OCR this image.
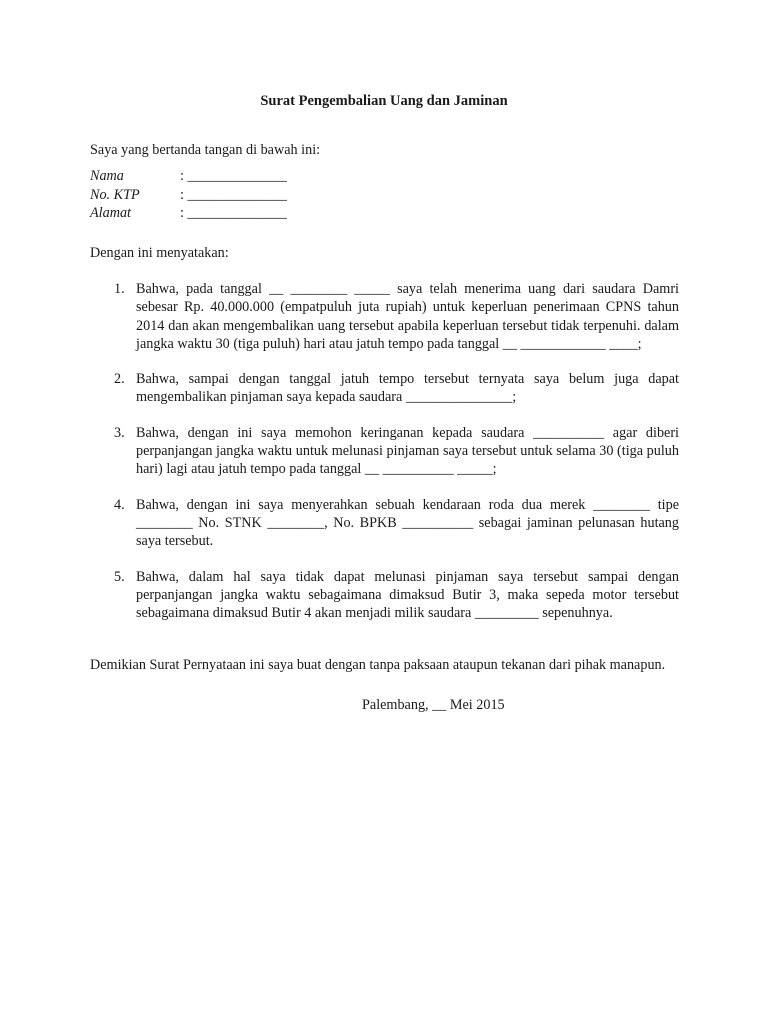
Surat Pengembalian Uang dan Jaminan
Saya yang bertanda tangan di bawah ini:
Nama	: ______________
No. KTP	: ______________
Alamat	: ______________
Dengan ini menyatakan:
1. Bahwa, pada tanggal __ ________ _____ saya telah menerima uang dari saudara Damri sebesar Rp. 40.000.000 (empatpuluh juta rupiah) untuk keperluan penerimaan CPNS tahun 2014 dan akan mengembalikan uang tersebut apabila keperluan tersebut tidak terpenuhi. dalam jangka waktu 30 (tiga puluh) hari atau jatuh tempo pada tanggal __ ____________ ____;
2. Bahwa, sampai dengan tanggal jatuh tempo tersebut ternyata saya belum juga dapat mengembalikan pinjaman saya kepada saudara _______________;
3. Bahwa, dengan ini saya memohon keringanan kepada saudara __________ agar diberi perpanjangan jangka waktu untuk melunasi pinjaman saya tersebut untuk selama 30 (tiga puluh hari) lagi atau jatuh tempo pada tanggal __ __________ _____;
4. Bahwa, dengan ini saya menyerahkan sebuah kendaraan roda dua merek ________ tipe ________ No. STNK ________, No. BPKB __________ sebagai jaminan pelunasan hutang saya tersebut.
5. Bahwa, dalam hal saya tidak dapat melunasi pinjaman saya tersebut sampai dengan perpanjangan jangka waktu sebagaimana dimaksud Butir 3, maka sepeda motor tersebut sebagaimana dimaksud Butir 4 akan menjadi milik saudara _________ sepenuhnya.
Demikian Surat Pernyataan ini saya buat dengan tanpa paksaan ataupun tekanan dari pihak manapun.
Palembang, __ Mei 2015
